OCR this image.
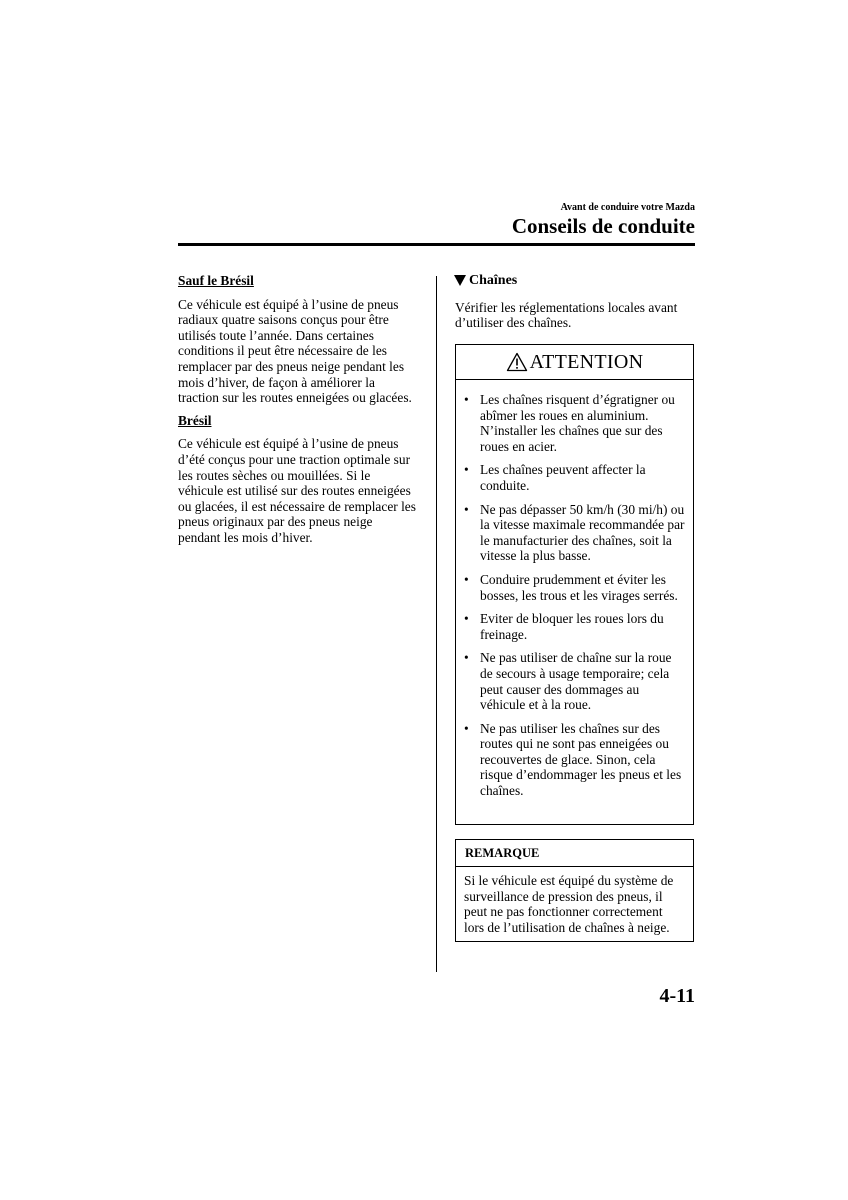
Avant de conduire votre Mazda
Conseils de conduite
Sauf le Brésil

Ce véhicule est équipé à l’usine de pneus radiaux quatre saisons conçus pour être utilisés toute l’année. Dans certaines conditions il peut être nécessaire de les remplacer par des pneus neige pendant les mois d’hiver, de façon à améliorer la traction sur les routes enneigées ou glacées.

Brésil

Ce véhicule est équipé à l’usine de pneus d’été conçus pour une traction optimale sur les routes sèches ou mouillées. Si le véhicule est utilisé sur des routes enneigées ou glacées, il est nécessaire de remplacer les pneus originaux par des pneus neige pendant les mois d’hiver.

Chaînes

Vérifier les réglementations locales avant d’utiliser des chaînes.

ATTENTION
• Les chaînes risquent d’égratigner ou abîmer les roues en aluminium. N’installer les chaînes que sur des roues en acier.
• Les chaînes peuvent affecter la conduite.
• Ne pas dépasser 50 km/h (30 mi/h) ou la vitesse maximale recommandée par le manufacturier des chaînes, soit la vitesse la plus basse.
• Conduire prudemment et éviter les bosses, les trous et les virages serrés.
• Eviter de bloquer les roues lors du freinage.
• Ne pas utiliser de chaîne sur la roue de secours à usage temporaire; cela peut causer des dommages au véhicule et à la roue.
• Ne pas utiliser les chaînes sur des routes qui ne sont pas enneigées ou recouvertes de glace. Sinon, cela risque d’endommager les pneus et les chaînes.
REMARQUE
Si le véhicule est équipé du système de surveillance de pression des pneus, il peut ne pas fonctionner correctement lors de l’utilisation de chaînes à neige.
4-11
